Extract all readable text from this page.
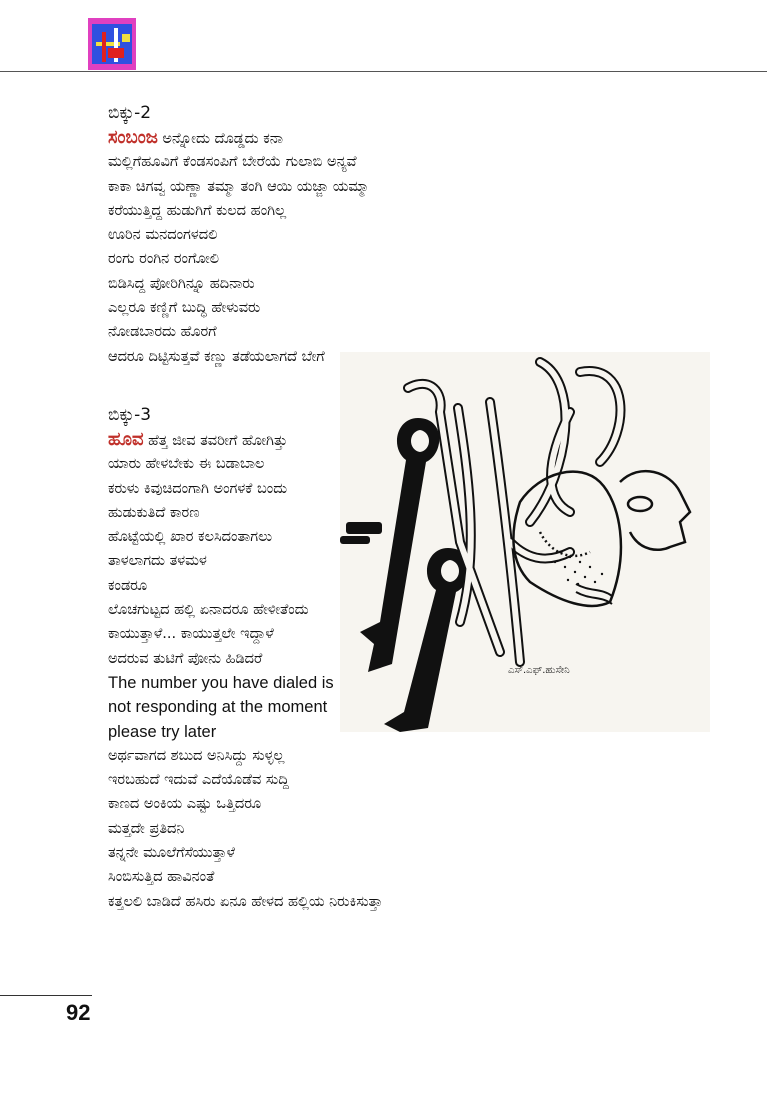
ಎಸ್.ಎಫ್.ಹುಸೇನಿ
ಬಿಕ್ಕು-2
ಸಂಬಂಜ ಅನ್ನೋದು ದೊಡ್ಡದು ಕನಾ
ಮಲ್ಲಿಗೆಹೂವಿಗೆ ಕೆಂಡಸಂಪಿಗೆ ಬೇರೆಯೆ ಗುಲಾಬಿ ಅನ್ಯವೆ
ಕಾಕಾ ಚಿಗವ್ವ ಯಣ್ಣಾ ತಮ್ಮಾ ತಂಗಿ ಆಯಿ ಯಜ್ಜಾ ಯಮ್ಮಾ
ಕರೆಯುತ್ತಿದ್ದ ಹುಡುಗಿಗೆ ಕುಲದ ಹಂಗಿಲ್ಲ
ಊರಿನ ಮನದಂಗಳದಲಿ
ರಂಗು ರಂಗಿನ ರಂಗೋಲಿ
ಬಿಡಿಸಿದ್ದ ಪೋರಿಗಿನ್ನೂ ಹದಿನಾರು
ಎಲ್ಲರೂ ಕಣ್ಣಿಗೆ ಬುದ್ಧಿ ಹೇಳುವರು
ನೋಡಬಾರದು ಹೊರಗೆ
ಆದರೂ ದಿಟ್ಟಿಸುತ್ತವೆ ಕಣ್ಣು ತಡೆಯಲಾಗದೆ ಬೇಗೆ
ಬಿಕ್ಕು-3
ಹೂವ ಹೆತ್ತ ಜೀವ ತವರೀಗೆ ಹೋಗಿತ್ತು
ಯಾರು ಹೇಳಬೇಕು ಈ ಬಡಾಬಾಲ
ಕರುಳು ಕಿವುಚಿದಂಗಾಗಿ ಅಂಗಳಕೆ ಬಂದು
ಹುಡುಕುತಿದೆ ಕಾರಣ
ಹೊಟ್ಟೆಯಲ್ಲಿ ಖಾರ ಕಲಸಿದಂತಾಗಲು
ತಾಳಲಾಗದು ತಳಮಳ
ಕಂಡರೂ
ಲೊಚಗುಟ್ಟದ ಹಲ್ಲಿ ಏನಾದರೂ ಹೇಳೀತೆಂದು
ಕಾಯುತ್ತಾಳೆ... ಕಾಯುತ್ತಲೇ ಇದ್ದಾಳೆ
ಅದರುವ ತುಟಿಗೆ ಪೋನು ಹಿಡಿದರೆ
The number you have dialed is
not responding at the moment
please try later
ಅರ್ಥವಾಗದ ಶಬುದ ಅನಿಸಿದ್ದು ಸುಳ್ಳಲ್ಲ
ಇರಬಹುದೆ ಇದುವೆ ಎದೆಯೊಡೆವ ಸುದ್ದಿ
ಕಾಣದ ಅಂಕಿಯ ಎಷ್ಟು ಒತ್ತಿದರೂ
ಮತ್ತದೇ ಪ್ರತಿದನಿ
ತನ್ನನೇ ಮೂಲೆಗೆಸೆಯುತ್ತಾಳೆ
ಸಿಂಬಿಸುತ್ತಿದ ಹಾವಿನಂತೆ
ಕತ್ತಲಲಿ ಬಾಡಿದೆ ಹಸಿರು ಏನೂ ಹೇಳದ ಹಲ್ಲಿಯ ನಿರುಕಿಸುತ್ತಾ
92
